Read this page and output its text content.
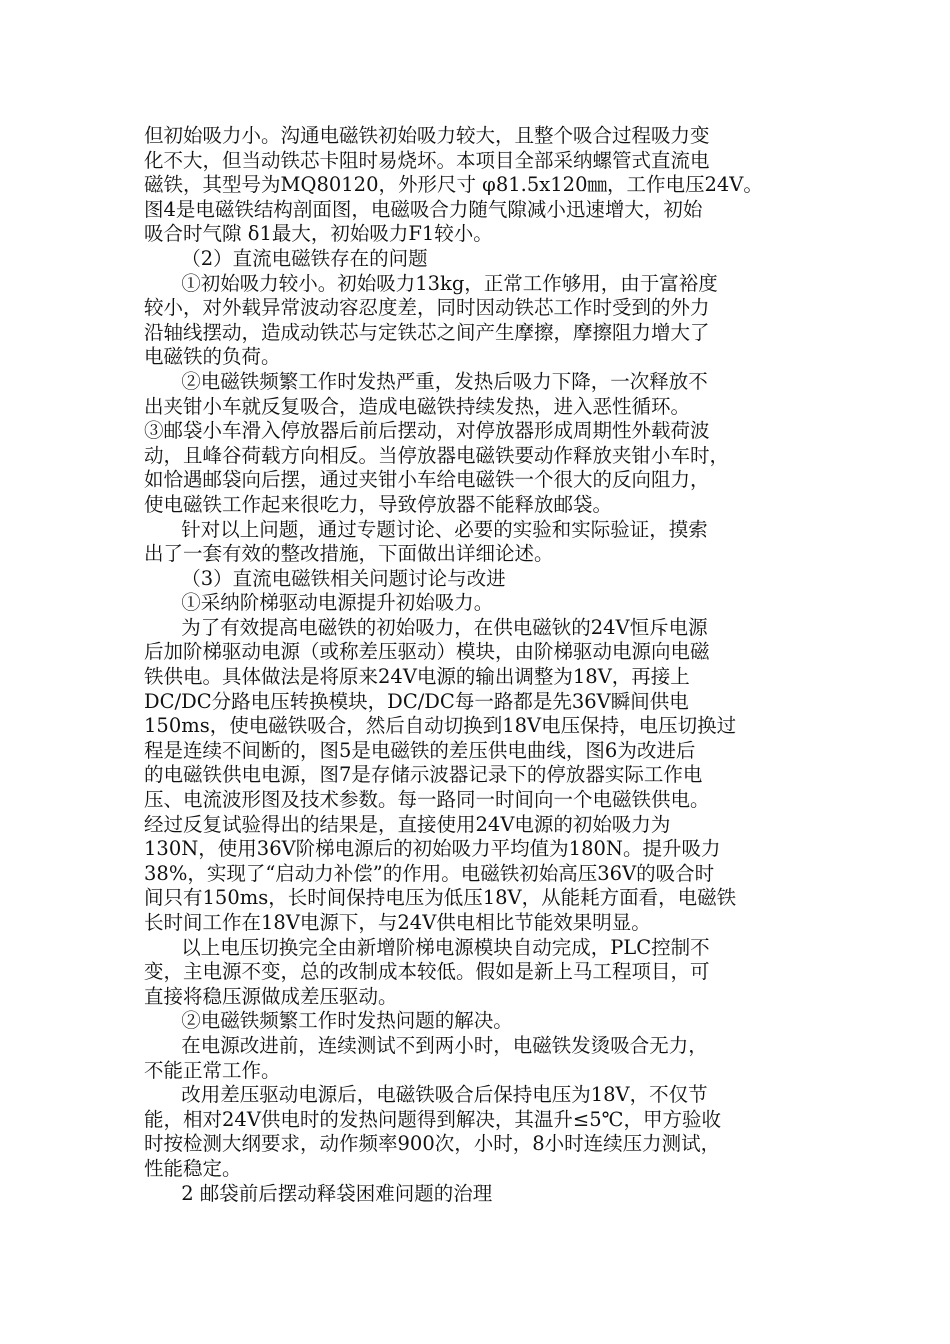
但初始吸力小。沟通电磁铁初始吸力较大，且整个吸合过程吸力变
化不大，但当动铁芯卡阻时易烧坏。本项目全部采纳螺管式直流电
磁铁，其型号为MQ80120，外形尺寸 φ81.5x120㎜，工作电压24V。
图4是电磁铁结构剖面图，电磁吸合力随气隙减小迅速增大，初始
吸合时气隙 δ1最大，初始吸力F1较小。
（2）直流电磁铁存在的问题
①初始吸力较小。初始吸力13kg，正常工作够用，由于富裕度
较小，对外载异常波动容忍度差，同时因动铁芯工作时受到的外力
沿轴线摆动，造成动铁芯与定铁芯之间产生摩擦，摩擦阻力增大了
电磁铁的负荷。
②电磁铁频繁工作时发热严重，发热后吸力下降，一次释放不
出夹钳小车就反复吸合，造成电磁铁持续发热，进入恶性循环。
③邮袋小车滑入停放器后前后摆动，对停放器形成周期性外载荷波
动，且峰谷荷载方向相反。当停放器电磁铁要动作释放夹钳小车时，
如恰遇邮袋向后摆，通过夹钳小车给电磁铁一个很大的反向阻力，
使电磁铁工作起来很吃力，导致停放器不能释放邮袋。
针对以上问题，通过专题讨论、必要的实验和实际验证，摸索
出了一套有效的整改措施，下面做出详细论述。
（3）直流电磁铁相关问题讨论与改进
①采纳阶梯驱动电源提升初始吸力。
为了有效提高电磁铁的初始吸力，在供电磁钬的24V恒斥电源
后加阶梯驱动电源（或称差压驱动）模块，由阶梯驱动电源向电磁
铁供电。具体做法是将原来24V电源的输出调整为18V，再接上
DC/DC分路电压转换模块，DC/DC每一路都是先36V瞬间供电
150ms，使电磁铁吸合，然后自动切换到18V电压保持，电压切换过
程是连续不间断的，图5是电磁铁的差压供电曲线，图6为改进后
的电磁铁供电电源，图7是存储示波器记录下的停放器实际工作电
压、电流波形图及技术参数。每一路同一时间向一个电磁铁供电。
经过反复试验得出的结果是，直接使用24V电源的初始吸力为
130N，使用36V阶梯电源后的初始吸力平均值为180N。提升吸力
38%，实现了“启动力补偿”的作用。电磁铁初始高压36V的吸合时
间只有150ms，长时间保持电压为低压18V，从能耗方面看，电磁铁
长时间工作在18V电源下，与24V供电相比节能效果明显。
以上电压切换完全由新增阶梯电源模块自动完成，PLC控制不
变，主电源不变，总的改制成本较低。假如是新上马工程项目，可
直接将稳压源做成差压驱动。
②电磁铁频繁工作时发热问题的解决。
在电源改进前，连续测试不到两小时，电磁铁发烫吸合无力，
不能正常工作。
改用差压驱动电源后，电磁铁吸合后保持电压为18V，不仅节
能，相对24V供电时的发热问题得到解决，其温升≤5℃，甲方验收
时按检测大纲要求，动作频率900次，小时，8小时连续压力测试，
性能稳定。
2 邮袋前后摆动释袋困难问题的治理
